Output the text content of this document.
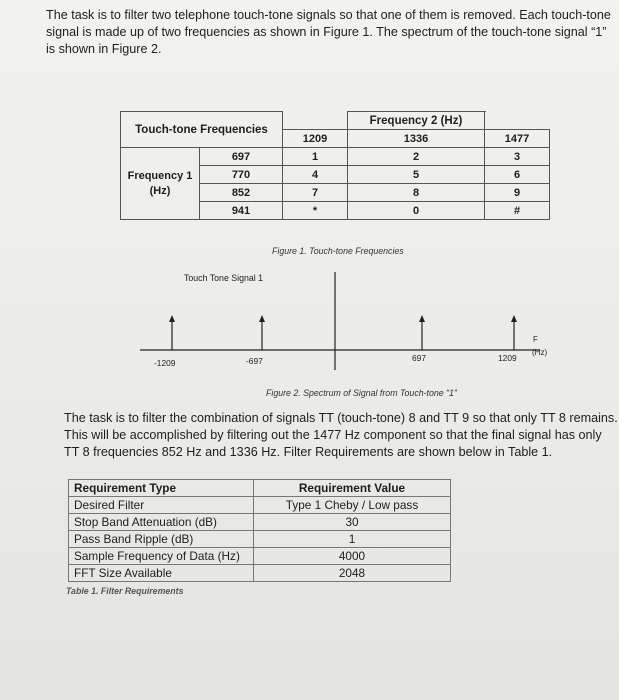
The task is to filter two telephone touch-tone signals so that one of them is removed. Each touch-tone signal is made up of two frequencies as shown in Figure 1. The spectrum of the touch-tone signal “1” is shown in Figure 2.

Touch-tone Frequencies			Frequency 2 (Hz)	
		1209	1336	1477
Frequency 1
(Hz)	697	1	2	3
	770	4	5	6
	852	7	8	9
	941	*	0	#
Figure 1. Touch-tone Frequencies
Touch Tone Signal 1
-1209	-697	697	1209
F
(Hz)
Figure 2. Spectrum of Signal from Touch-tone “1”

The task is to filter the combination of signals TT (touch-tone) 8 and TT 9 so that only TT 8 remains. This will be accomplished by filtering out the 1477 Hz component so that the final signal has only TT 8 frequencies 852 Hz and 1336 Hz. Filter Requirements are shown below in Table 1.

Requirement Type	Requirement Value
Desired Filter	Type 1 Cheby / Low pass
Stop Band Attenuation (dB)	30
Pass Band Ripple (dB)	1
Sample Frequency of Data (Hz)	4000
FFT Size Available	2048
Table 1. Filter Requirements
